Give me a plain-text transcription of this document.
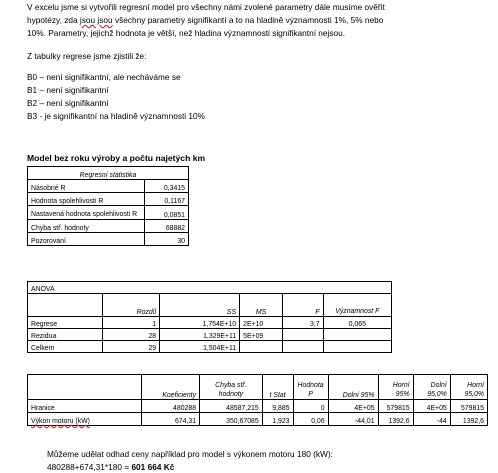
V excelu jsme si vytvořili regresní model pro všechny námi zvolené parametry dále musíme ověřit
hypotézy, zda jsou jsou všechny parametry signifikantí a to na hladině významnosti 1%, 5% nebo
10%. Parametry, jejichž hodnota je větší, než hladina významnosti signifikantní nejsou.
Z tabulky regrese jsme zjistili že:
B0 – není signifikantní, ale necháváme se
B1 – není signifikantní
B2 – není signifikantní
B3 - je signifikantní na hladině významnosti 10%
Model bez roku výroby a počtu najetých km
Regresní statistika	
Násobné R	0,3415
Hodnota spolehlivosti R	0,1167
Nastavená hodnota spolehlivosti R	0,0851
Chyba stř. hodnoty	68882
Pozorování	30
ANOVA					
	Rozdíl	SS	MS	F	Významnost F
Regrese	1	1,754E+10	2E+10	3,7	0,065
Rezidua	28	1,329E+11	5E+09		
Celkem	29	1,504E+11			
	Koeficienty	Chyba stř. hodnoty	t Stat	Hodnota P	Dolní 95%	Horní 95%	Dolní 95,0%	Horní 95,0%
Hranice	480288	48587,215	9,885	0	4E+05	579815	4E+05	579815
Výkon motoru (kW)	674,31	350,67085	1,923	0,06	-44,01	1392,6	-44	1392,6
Můžeme udělat odhad ceny například pro model s výkonem motoru 180 (kW):
480288+674,31*180 = 601 664 Kč
